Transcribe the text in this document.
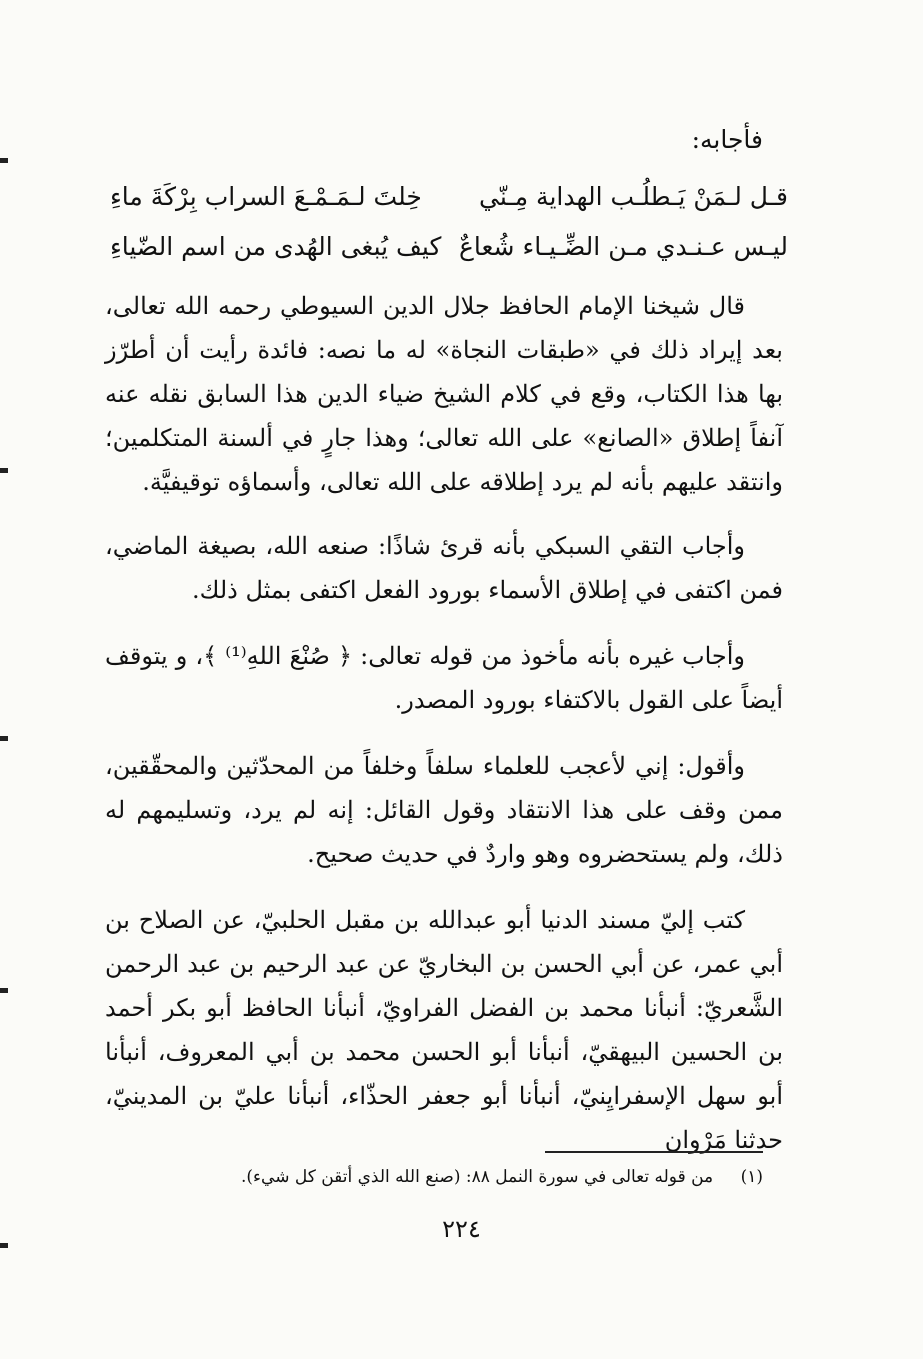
فأجابه:
قـل لـمَنْ يَـطلُـب الهداية مِـنّي
خِلتَ لـمَـمْـعَ السراب بِرْكَةَ ماءِ
ليـس عـنـدي مـن الضِّـيـاء شُعاعٌ
كيف يُبغى الهُدى من اسم الضّياءِ

قال شيخنا الإمام الحافظ جلال الدين السيوطي رحمه الله تعالى، بعد إيراد ذلك في «طبقات النجاة» له ما نصه: فائدة رأيت أن أطرّز بها هذا الكتاب، وقع في كلام الشيخ ضياء الدين هذا السابق نقله عنه آنفاً إطلاق «الصانع» على الله تعالى؛ وهذا جارٍ في ألسنة المتكلمين؛ وانتقد عليهم بأنه لم يرد إطلاقه على الله تعالى، وأسماؤه توقيفيَّة.

وأجاب التقي السبكي بأنه قرئ شاذًا: صنعه الله، بصيغة الماضي، فمن اكتفى في إطلاق الأسماء بورود الفعل اكتفى بمثل ذلك.

وأجاب غيره بأنه مأخوذ من قوله تعالى: ﴿ صُنْعَ اللهِ⁽¹⁾ ﴾، و يتوقف أيضاً على القول بالاكتفاء بورود المصدر.

وأقول: إني لأعجب للعلماء سلفاً وخلفاً من المحدّثين والمحقّقين، ممن وقف على هذا الانتقاد وقول القائل: إنه لم يرد، وتسليمهم له ذلك، ولم يستحضروه وهو واردٌ في حديث صحيح.

كتب إليّ مسند الدنيا أبو عبدالله بن مقبل الحلبيّ، عن الصلاح بن أبي عمر، عن أبي الحسن بن البخاريّ عن عبد الرحيم بن عبد الرحمن الشَّعريّ: أنبأنا محمد بن الفضل الفراويّ، أنبأنا الحافظ أبو بكر أحمد بن الحسين البيهقيّ، أنبأنا أبو الحسن محمد بن أبي المعروف، أنبأنا أبو سهل الإسفرايِنيّ، أنبأنا أبو جعفر الحذّاء، أنبأنا عليّ بن المدينيّ، حدثنا مَرْوان

(١) من قوله تعالى في سورة النمل ٨٨: (صنع الله الذي أتقن كل شيء).
٢٢٤
